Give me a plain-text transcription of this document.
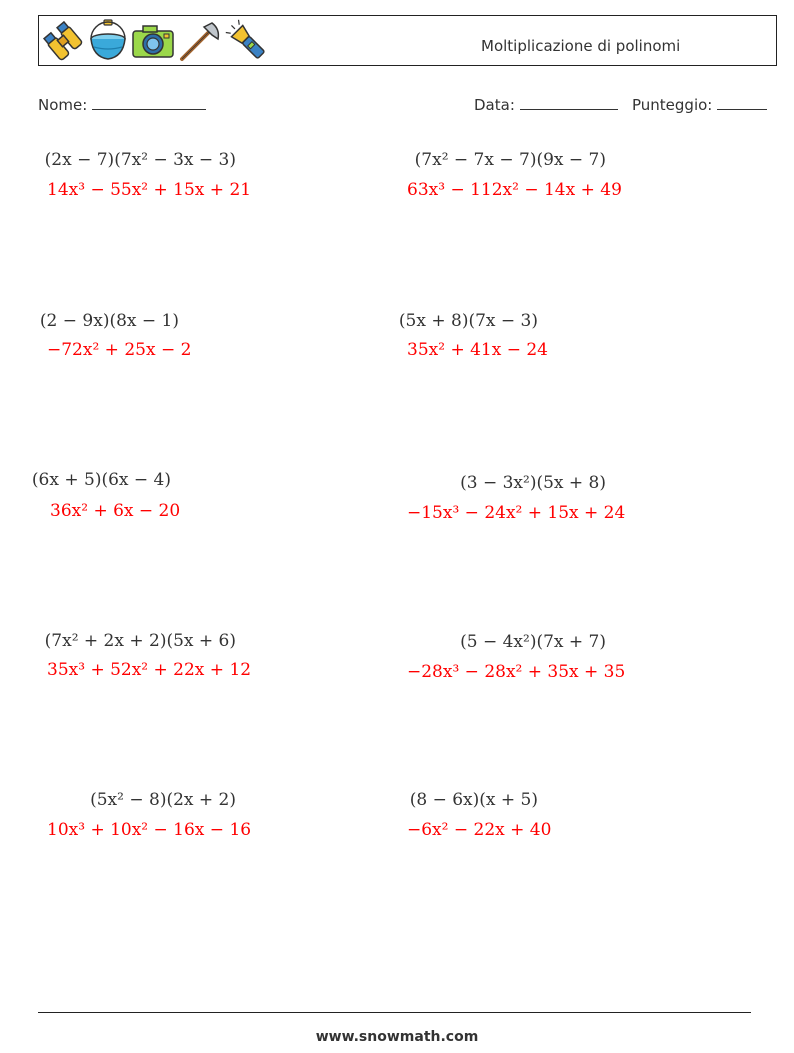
Moltiplicazione di polinomi
Nome:	Data:	Punteggio:
(2x − 7)(7x² − 3x − 3)
14x³ − 55x² + 15x + 21
(7x² − 7x − 7)(9x − 7)
63x³ − 112x² − 14x + 49
(2 − 9x)(8x − 1)
−72x² + 25x − 2
(5x + 8)(7x − 3)
35x² + 41x − 24
(6x + 5)(6x − 4)
36x² + 6x − 20
(3 − 3x²)(5x + 8)
−15x³ − 24x² + 15x + 24
(7x² + 2x + 2)(5x + 6)
35x³ + 52x² + 22x + 12
(5 − 4x²)(7x + 7)
−28x³ − 28x² + 35x + 35
(5x² − 8)(2x + 2)
10x³ + 10x² − 16x − 16
(8 − 6x)(x + 5)
−6x² − 22x + 40
www.snowmath.com
